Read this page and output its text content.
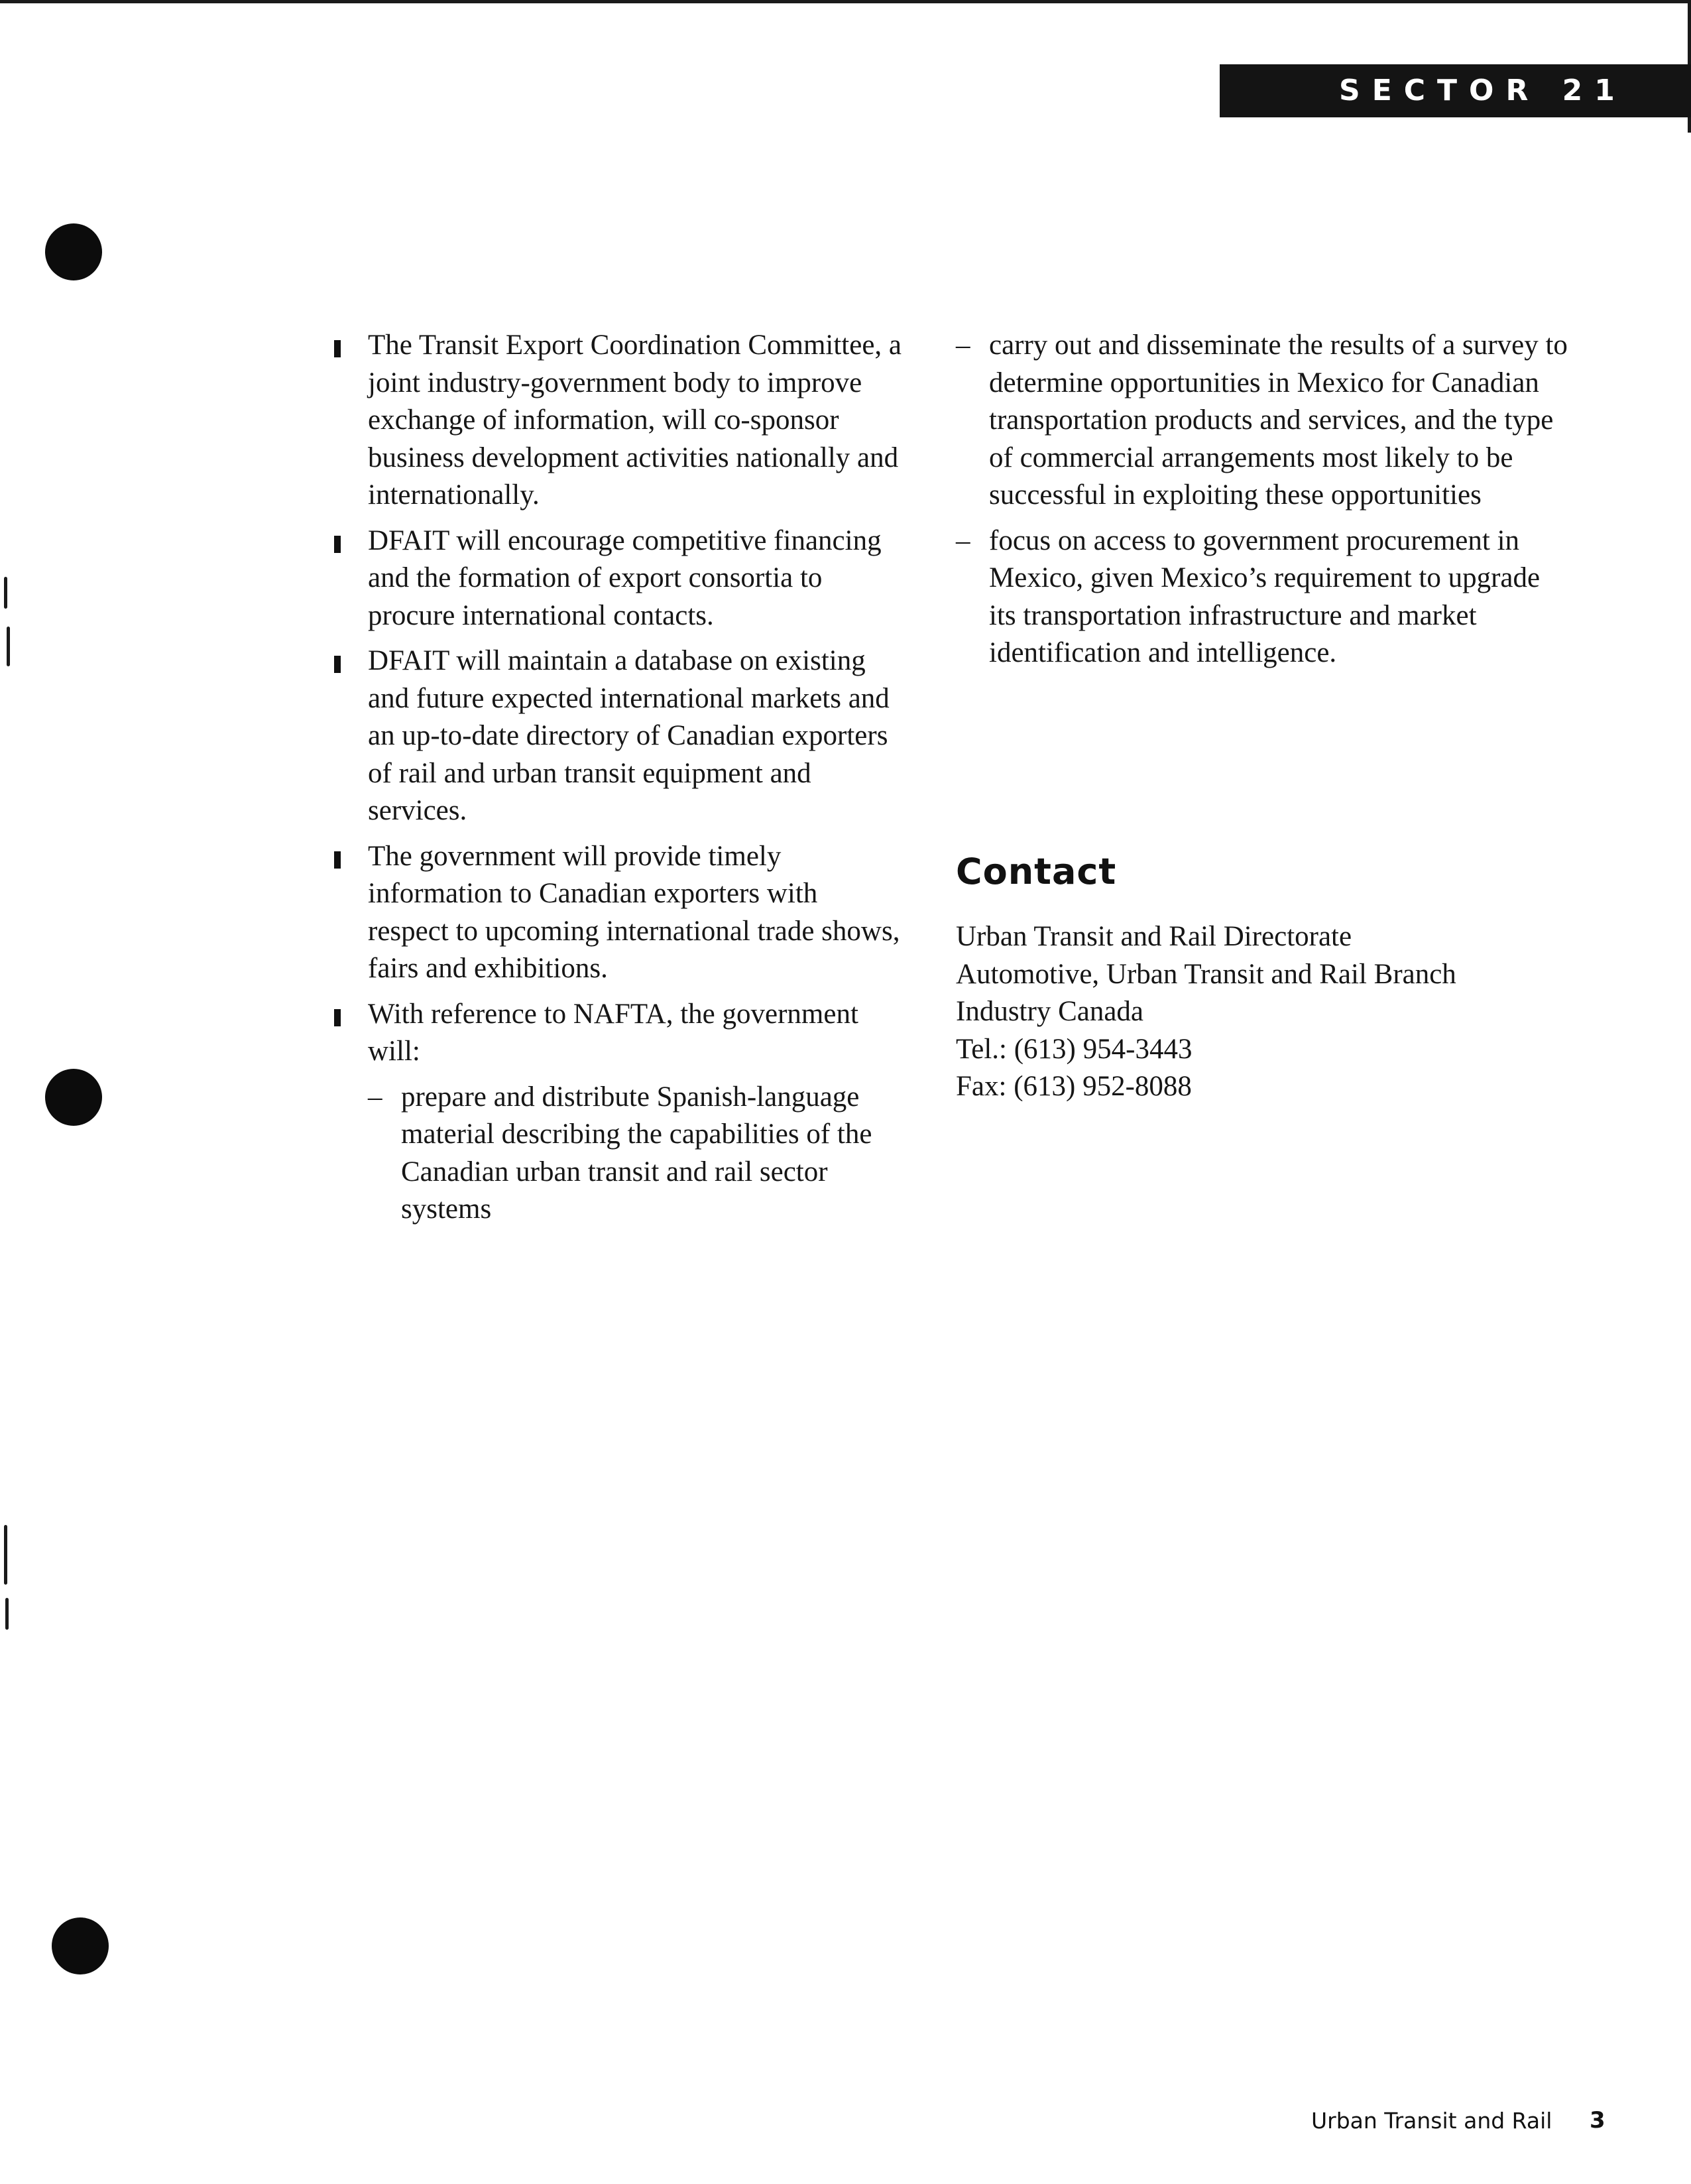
SECTOR 21
The Transit Export Coordination Committee, a joint industry-government body to improve exchange of information, will co-sponsor business development activities nationally and internationally.
DFAIT will encourage competitive financing and the formation of export consortia to procure international contacts.
DFAIT will maintain a database on existing and future expected international markets and an up-to-date directory of Canadian exporters of rail and urban transit equipment and services.
The government will provide timely information to Canadian exporters with respect to upcoming international trade shows, fairs and exhibitions.
With reference to NAFTA, the government will:
– prepare and distribute Spanish-language material describing the capabilities of the Canadian urban transit and rail sector systems
– carry out and disseminate the results of a survey to determine opportunities in Mexico for Canadian transportation products and services, and the type of commercial arrangements most likely to be successful in exploiting these opportunities
– focus on access to government procurement in Mexico, given Mexico’s requirement to upgrade its transportation infrastructure and market identification and intelligence.
Contact
Urban Transit and Rail Directorate
Automotive, Urban Transit and Rail Branch
Industry Canada
Tel.: (613) 954-3443
Fax: (613) 952-8088
Urban Transit and Rail 3
